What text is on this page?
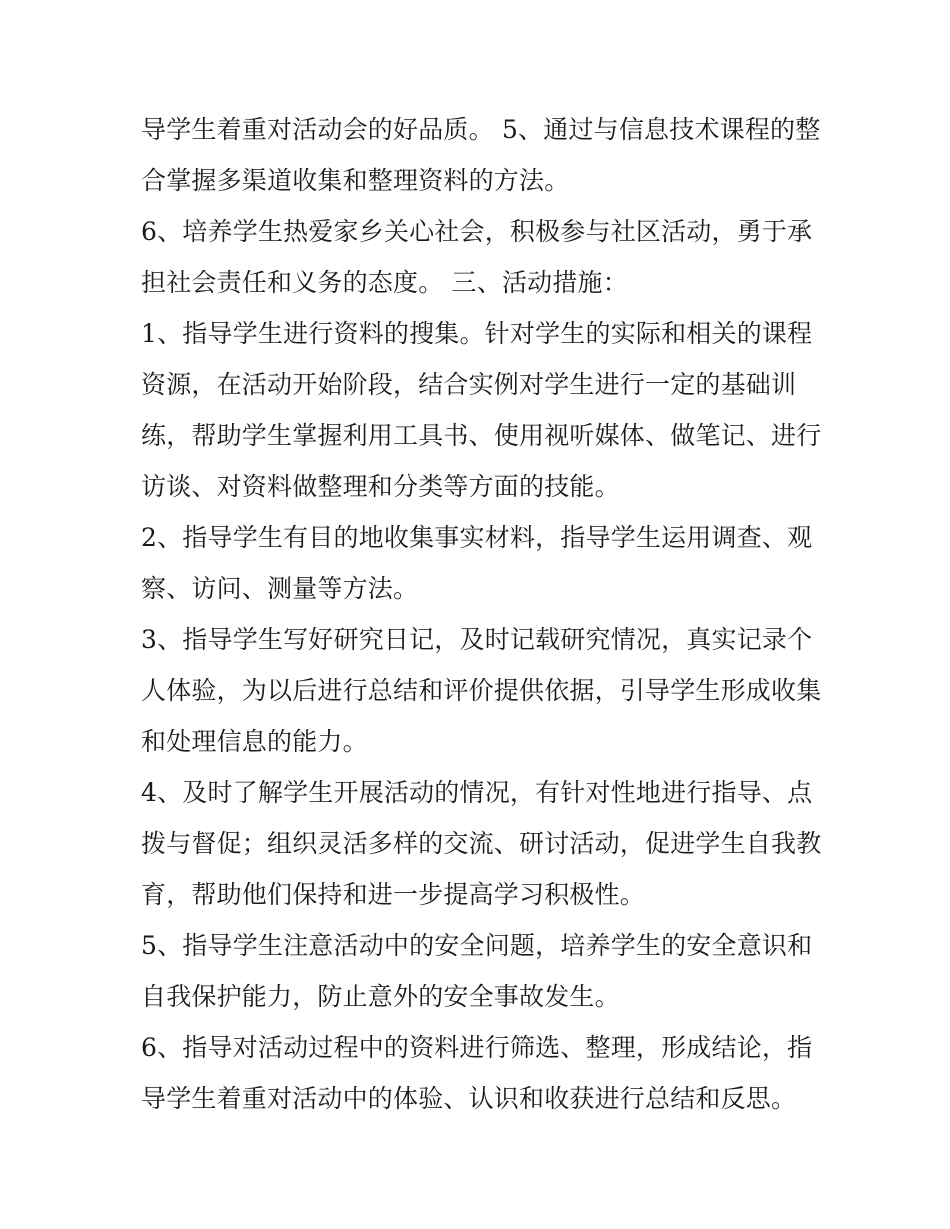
导学生着重对活动会的好品质。 5、通过与信息技术课程的整
合掌握多渠道收集和整理资料的方法。
6、培养学生热爱家乡关心社会，积极参与社区活动，勇于承
担社会责任和义务的态度。 三、活动措施：
1、指导学生进行资料的搜集。针对学生的实际和相关的课程
资源，在活动开始阶段，结合实例对学生进行一定的基础训
练，帮助学生掌握利用工具书、使用视听媒体、做笔记、进行
访谈、对资料做整理和分类等方面的技能。
2、指导学生有目的地收集事实材料，指导学生运用调查、观
察、访问、测量等方法。
3、指导学生写好研究日记，及时记载研究情况，真实记录个
人体验，为以后进行总结和评价提供依据，引导学生形成收集
和处理信息的能力。
4、及时了解学生开展活动的情况，有针对性地进行指导、点
拨与督促；组织灵活多样的交流、研讨活动，促进学生自我教
育，帮助他们保持和进一步提高学习积极性。
5、指导学生注意活动中的安全问题，培养学生的安全意识和
自我保护能力，防止意外的安全事故发生。
6、指导对活动过程中的资料进行筛选、整理，形成结论，指
导学生着重对活动中的体验、认识和收获进行总结和反思。
